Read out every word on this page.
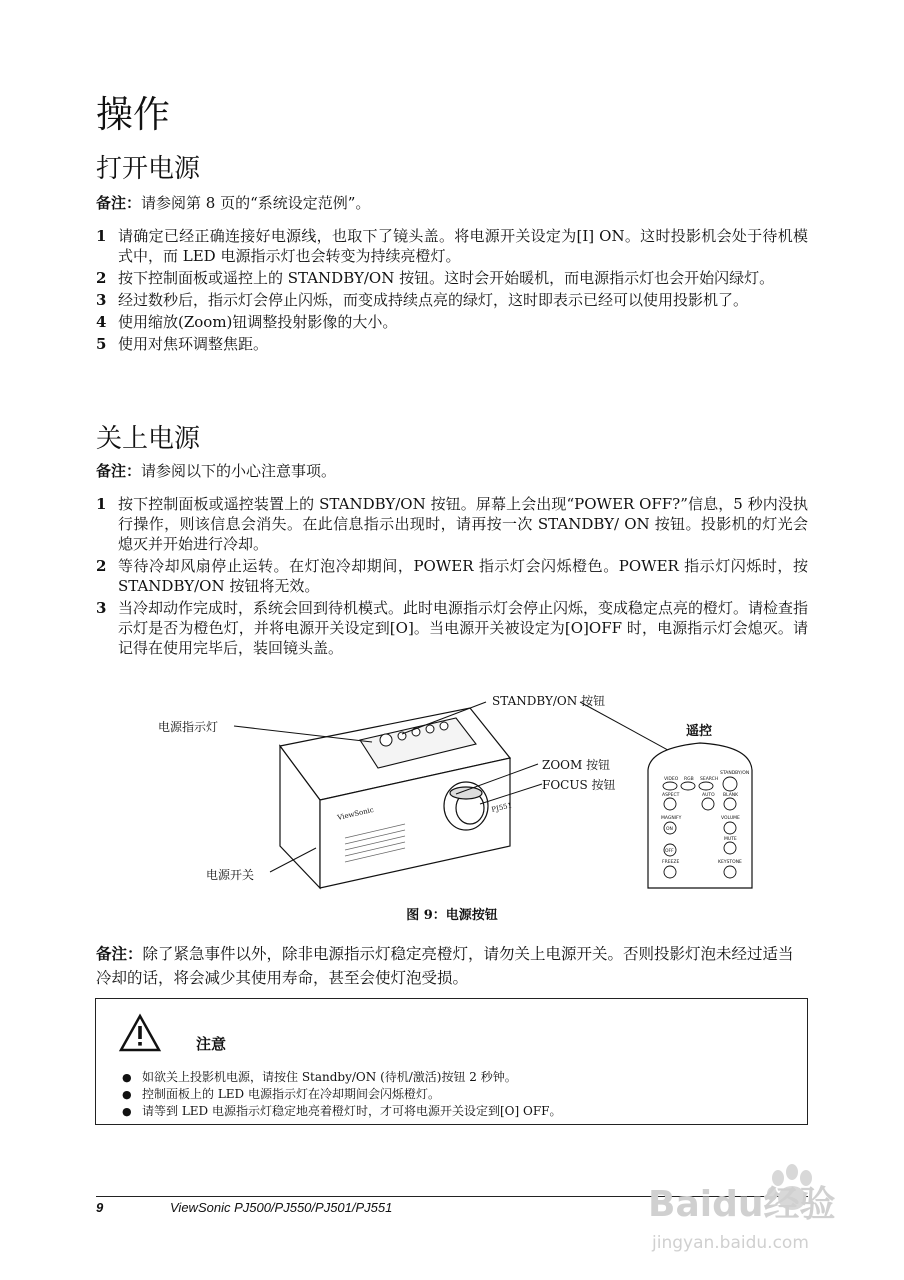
操作
打开电源

备注：请参阅第 8 页的“系统设定范例”。

1 请确定已经正确连接好电源线，也取下了镜头盖。将电源开关设定为[I] ON。这时投影机会处于待机模式中，而 LED 电源指示灯也会转变为持续亮橙灯。
2 按下控制面板或遥控上的 STANDBY/ON 按钮。这时会开始暖机，而电源指示灯也会开始闪绿灯。
3 经过数秒后，指示灯会停止闪烁，而变成持续点亮的绿灯，这时即表示已经可以使用投影机了。
4 使用缩放(Zoom)钮调整投射影像的大小。
5 使用对焦环调整焦距。
关上电源

备注：请参阅以下的小心注意事项。

1 按下控制面板或遥控装置上的 STANDBY/ON 按钮。屏幕上会出现“POWER OFF?”信息，5 秒内没执行操作，则该信息会消失。在此信息指示出现时，请再按一次 STANDBY/ ON 按钮。投影机的灯光会熄灭并开始进行冷却。
2 等待冷却风扇停止运转。在灯泡冷却期间，POWER 指示灯会闪烁橙色。POWER 指示灯闪烁时，按 STANDBY/ON 按钮将无效。
3 当冷却动作完成时，系统会回到待机模式。此时电源指示灯会停止闪烁，变成稳定点亮的橙灯。请检查指示灯是否为橙色灯，并将电源开关设定到[O]。当电源开关被设定为[O]OFF 时，电源指示灯会熄灭。请记得在使用完毕后，装回镜头盖。
ViewSonic	PJ551
VIDEO RGB SEARCH
STANDBY/ON
ASPECT	AUTO BLANK
MAGNIFY
ON
OFF
VOLUME
MUTE
FREEZE	KEYSTONE
电源指示灯
STANDBY/ON 按钮
遥控
ZOOM 按钮
FOCUS 按钮
电源开关
图 9：电源按钮

备注：除了紧急事件以外，除非电源指示灯稳定亮橙灯，请勿关上电源开关。否则投影灯泡未经过适当冷却的话，将会减少其使用寿命，甚至会使灯泡受损。

注意
● 如欲关上投影机电源，请按住 Standby/ON (待机/激活)按钮 2 秒钟。
● 控制面板上的 LED 电源指示灯在冷却期间会闪烁橙灯。
● 请等到 LED 电源指示灯稳定地亮着橙灯时，才可将电源开关设定到[O] OFF。
9	ViewSonic PJ500/PJ550/PJ501/PJ551	Baidu经验
jingyan.baidu.com
